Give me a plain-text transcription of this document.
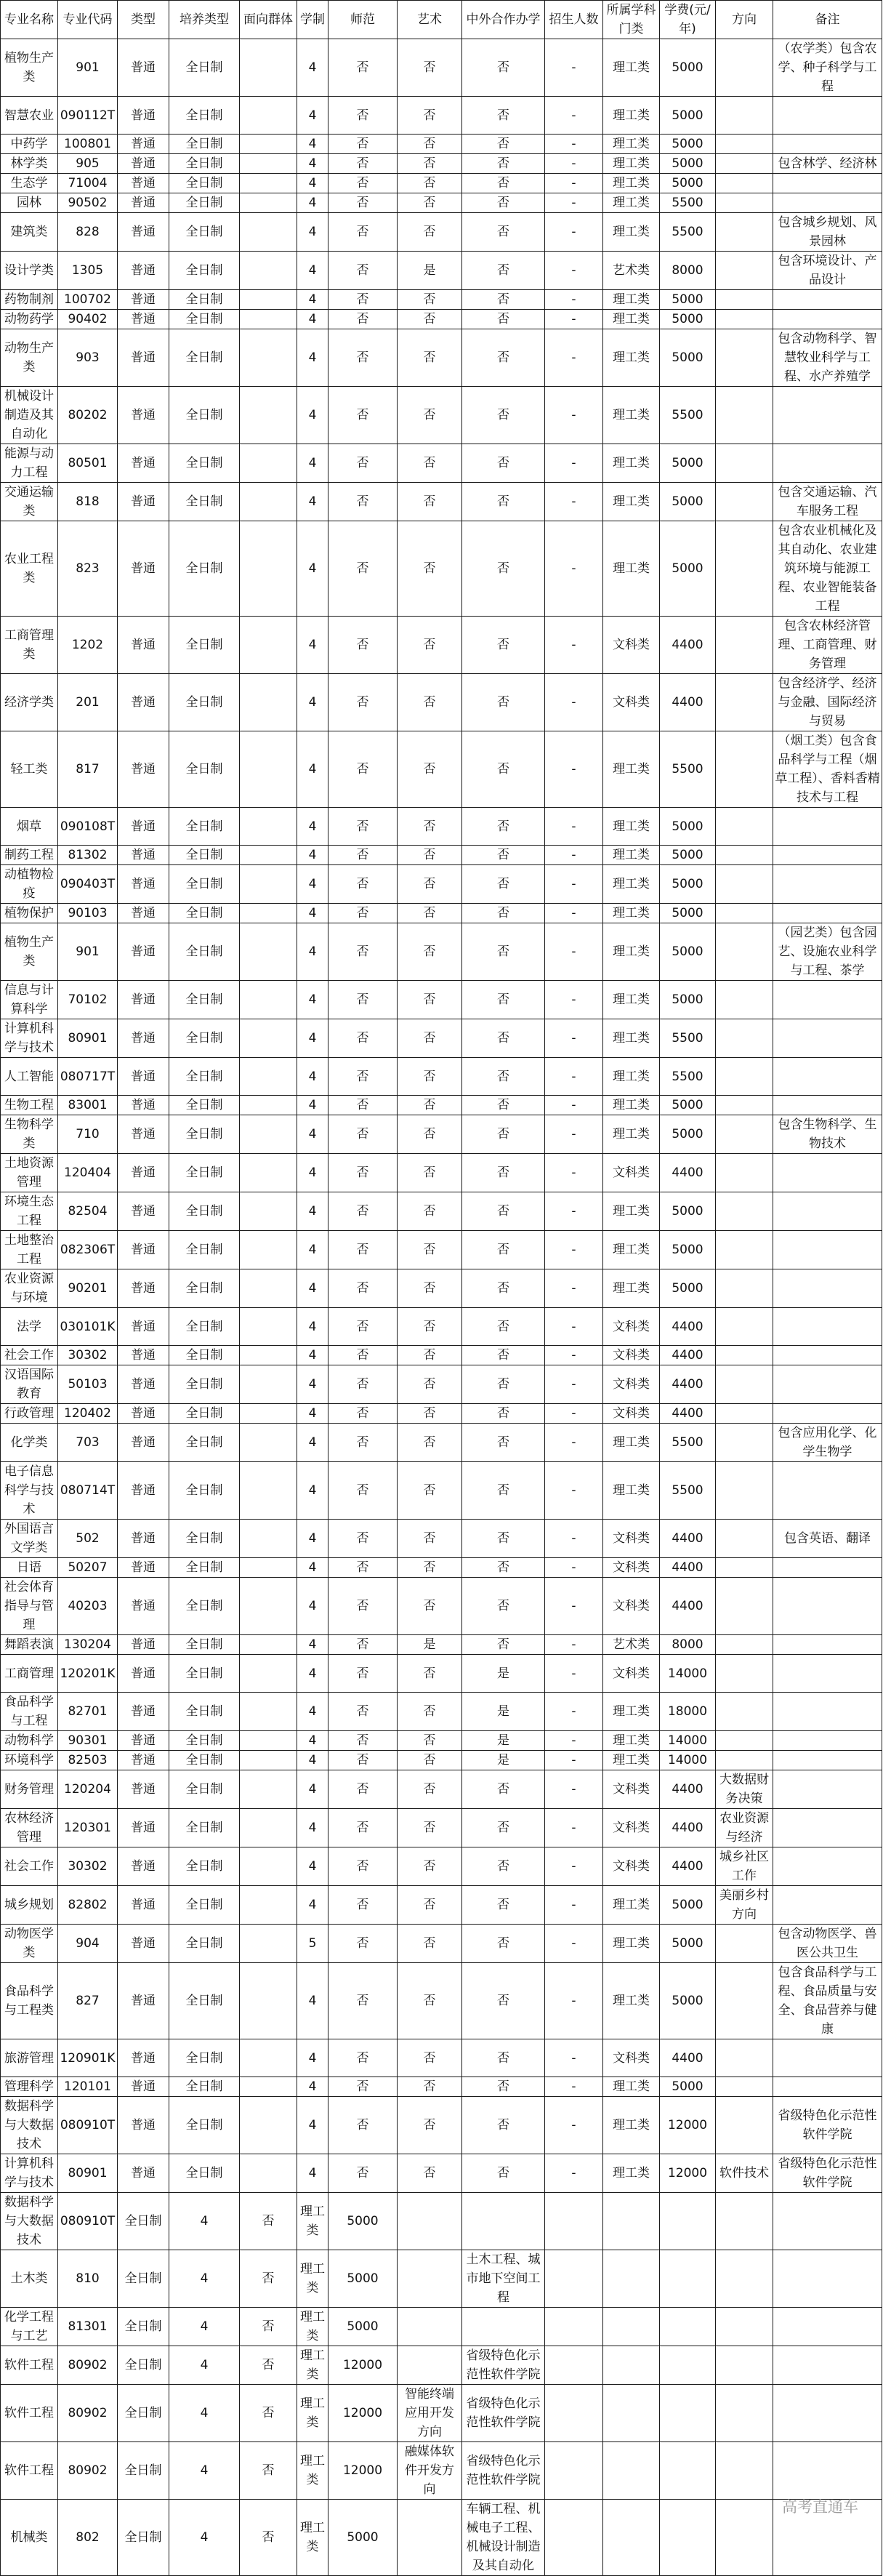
专业名称	专业代码	类型	培养类型	面向群体	学制	师范	艺术	中外合作办学	招生人数	所属学科门类	学费(元/年)	方向	备注
植物生产类	901	普通	全日制		4	否	否	否	-	理工类	5000		（农学类）包含农学、种子科学与工程
智慧农业	090112T	普通	全日制		4	否	否	否	-	理工类	5000		
中药学	100801	普通	全日制		4	否	否	否	-	理工类	5000		
林学类	905	普通	全日制		4	否	否	否	-	理工类	5000		包含林学、经济林
生态学	71004	普通	全日制		4	否	否	否	-	理工类	5000		
园林	90502	普通	全日制		4	否	否	否	-	理工类	5500		
建筑类	828	普通	全日制		4	否	否	否	-	理工类	5500		包含城乡规划、风景园林
设计学类	1305	普通	全日制		4	否	是	否	-	艺术类	8000		包含环境设计、产品设计
药物制剂	100702	普通	全日制		4	否	否	否	-	理工类	5000		
动物药学	90402	普通	全日制		4	否	否	否	-	理工类	5000		
动物生产类	903	普通	全日制		4	否	否	否	-	理工类	5000		包含动物科学、智慧牧业科学与工程、水产养殖学
机械设计制造及其自动化	80202	普通	全日制		4	否	否	否	-	理工类	5500		
能源与动力工程	80501	普通	全日制		4	否	否	否	-	理工类	5000		
交通运输类	818	普通	全日制		4	否	否	否	-	理工类	5000		包含交通运输、汽车服务工程
农业工程类	823	普通	全日制		4	否	否	否	-	理工类	5000		包含农业机械化及其自动化、农业建筑环境与能源工程、农业智能装备工程
工商管理类	1202	普通	全日制		4	否	否	否	-	文科类	4400		包含农林经济管理、工商管理、财务管理
经济学类	201	普通	全日制		4	否	否	否	-	文科类	4400		包含经济学、经济与金融、国际经济与贸易
轻工类	817	普通	全日制		4	否	否	否	-	理工类	5500		（烟工类）包含食品科学与工程（烟草工程）、香料香精技术与工程
烟草	090108T	普通	全日制		4	否	否	否	-	理工类	5000		
制药工程	81302	普通	全日制		4	否	否	否	-	理工类	5000		
动植物检疫	090403T	普通	全日制		4	否	否	否	-	理工类	5000		
植物保护	90103	普通	全日制		4	否	否	否	-	理工类	5000		
植物生产类	901	普通	全日制		4	否	否	否	-	理工类	5000		（园艺类）包含园艺、设施农业科学与工程、茶学
信息与计算科学	70102	普通	全日制		4	否	否	否	-	理工类	5000		
计算机科学与技术	80901	普通	全日制		4	否	否	否	-	理工类	5500		
人工智能	080717T	普通	全日制		4	否	否	否	-	理工类	5500		
生物工程	83001	普通	全日制		4	否	否	否	-	理工类	5000		
生物科学类	710	普通	全日制		4	否	否	否	-	理工类	5000		包含生物科学、生物技术
土地资源管理	120404	普通	全日制		4	否	否	否	-	文科类	4400		
环境生态工程	82504	普通	全日制		4	否	否	否	-	理工类	5000		
土地整治工程	082306T	普通	全日制		4	否	否	否	-	理工类	5000		
农业资源与环境	90201	普通	全日制		4	否	否	否	-	理工类	5000		
法学	030101K	普通	全日制		4	否	否	否	-	文科类	4400		
社会工作	30302	普通	全日制		4	否	否	否	-	文科类	4400		
汉语国际教育	50103	普通	全日制		4	否	否	否	-	文科类	4400		
行政管理	120402	普通	全日制		4	否	否	否	-	文科类	4400		
化学类	703	普通	全日制		4	否	否	否	-	理工类	5500		包含应用化学、化学生物学
电子信息科学与技术	080714T	普通	全日制		4	否	否	否	-	理工类	5500		
外国语言文学类	502	普通	全日制		4	否	否	否	-	文科类	4400		包含英语、翻译
日语	50207	普通	全日制		4	否	否	否	-	文科类	4400		
社会体育指导与管理	40203	普通	全日制		4	否	否	否	-	文科类	4400		
舞蹈表演	130204	普通	全日制		4	否	是	否	-	艺术类	8000		
工商管理	120201K	普通	全日制		4	否	否	是	-	文科类	14000		
食品科学与工程	82701	普通	全日制		4	否	否	是	-	理工类	18000		
动物科学	90301	普通	全日制		4	否	否	是	-	理工类	14000		
环境科学	82503	普通	全日制		4	否	否	是	-	理工类	14000		
财务管理	120204	普通	全日制		4	否	否	否	-	文科类	4400	大数据财务决策	
农林经济管理	120301	普通	全日制		4	否	否	否	-	文科类	4400	农业资源与经济	
社会工作	30302	普通	全日制		4	否	否	否	-	文科类	4400	城乡社区工作	
城乡规划	82802	普通	全日制		4	否	否	否	-	理工类	5000	美丽乡村方向	
动物医学类	904	普通	全日制		5	否	否	否	-	理工类	5000		包含动物医学、兽医公共卫生
食品科学与工程类	827	普通	全日制		4	否	否	否	-	理工类	5000		包含食品科学与工程、食品质量与安全、食品营养与健康
旅游管理	120901K	普通	全日制		4	否	否	否	-	文科类	4400		
管理科学	120101	普通	全日制		4	否	否	否	-	理工类	5000		
数据科学与大数据技术	080910T	普通	全日制		4	否	否	否	-	理工类	12000		省级特色化示范性软件学院
计算机科学与技术	80901	普通	全日制		4	否	否	否	-	理工类	12000	软件技术	省级特色化示范性软件学院
数据科学与大数据技术	080910T	全日制	4	否	理工类	5000							
土木类	810	全日制	4	否	理工类	5000		土木工程、城市地下空间工程					
化学工程与工艺	81301	全日制	4	否	理工类	5000							
软件工程	80902	全日制	4	否	理工类	12000		省级特色化示范性软件学院					
软件工程	80902	全日制	4	否	理工类	12000	智能终端应用开发方向	省级特色化示范性软件学院					
软件工程	80902	全日制	4	否	理工类	12000	融媒体软件开发方向	省级特色化示范性软件学院					
机械类	802	全日制	4	否	理工类	5000		车辆工程、机械电子工程、机械设计制造及其自动化					
高考直通车
